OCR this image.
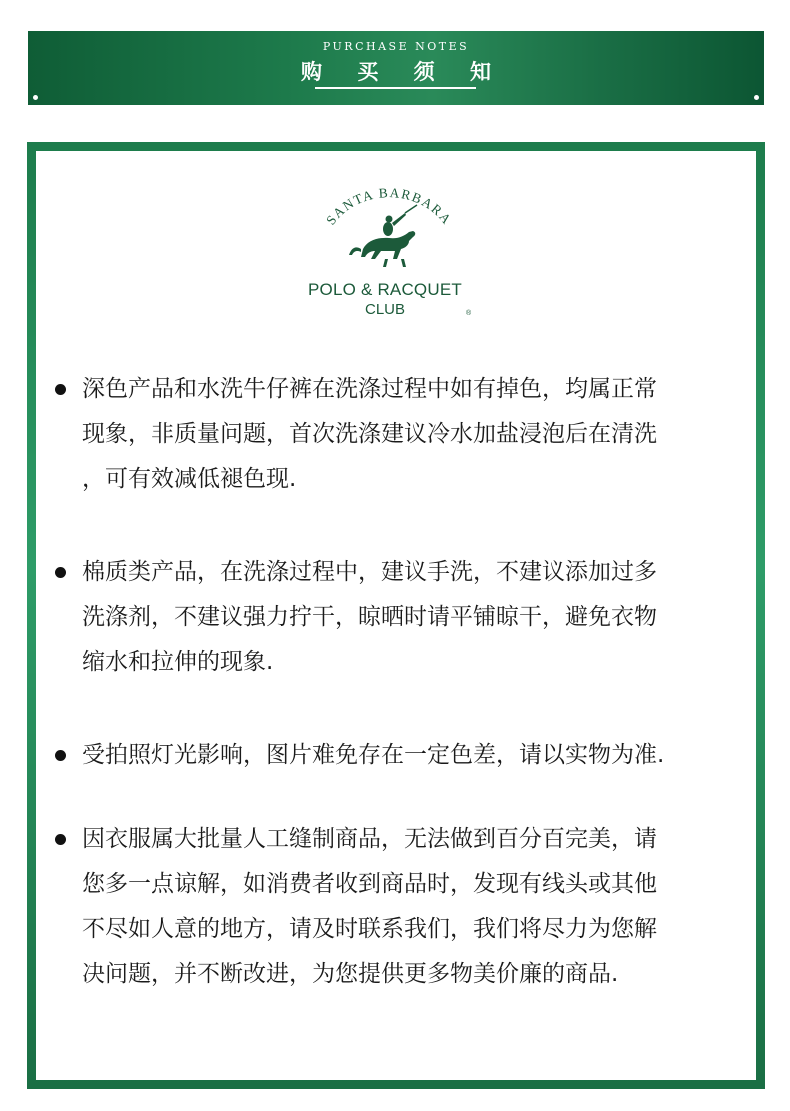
PURCHASE NOTES
购 买 须 知
SANTA BARBARA
POLO & RACQUET
CLUB	®
深色产品和水洗牛仔裤在洗涤过程中如有掉色，均属正常
现象，非质量问题，首次洗涤建议冷水加盐浸泡后在清洗
，可有效减低褪色现.
棉质类产品，在洗涤过程中，建议手洗，不建议添加过多
洗涤剂，不建议强力拧干，晾晒时请平铺晾干，避免衣物
缩水和拉伸的现象.
受拍照灯光影响，图片难免存在一定色差，请以实物为准.
因衣服属大批量人工缝制商品，无法做到百分百完美，请
您多一点谅解，如消费者收到商品时，发现有线头或其他
不尽如人意的地方，请及时联系我们，我们将尽力为您解
决问题，并不断改进，为您提供更多物美价廉的商品.
